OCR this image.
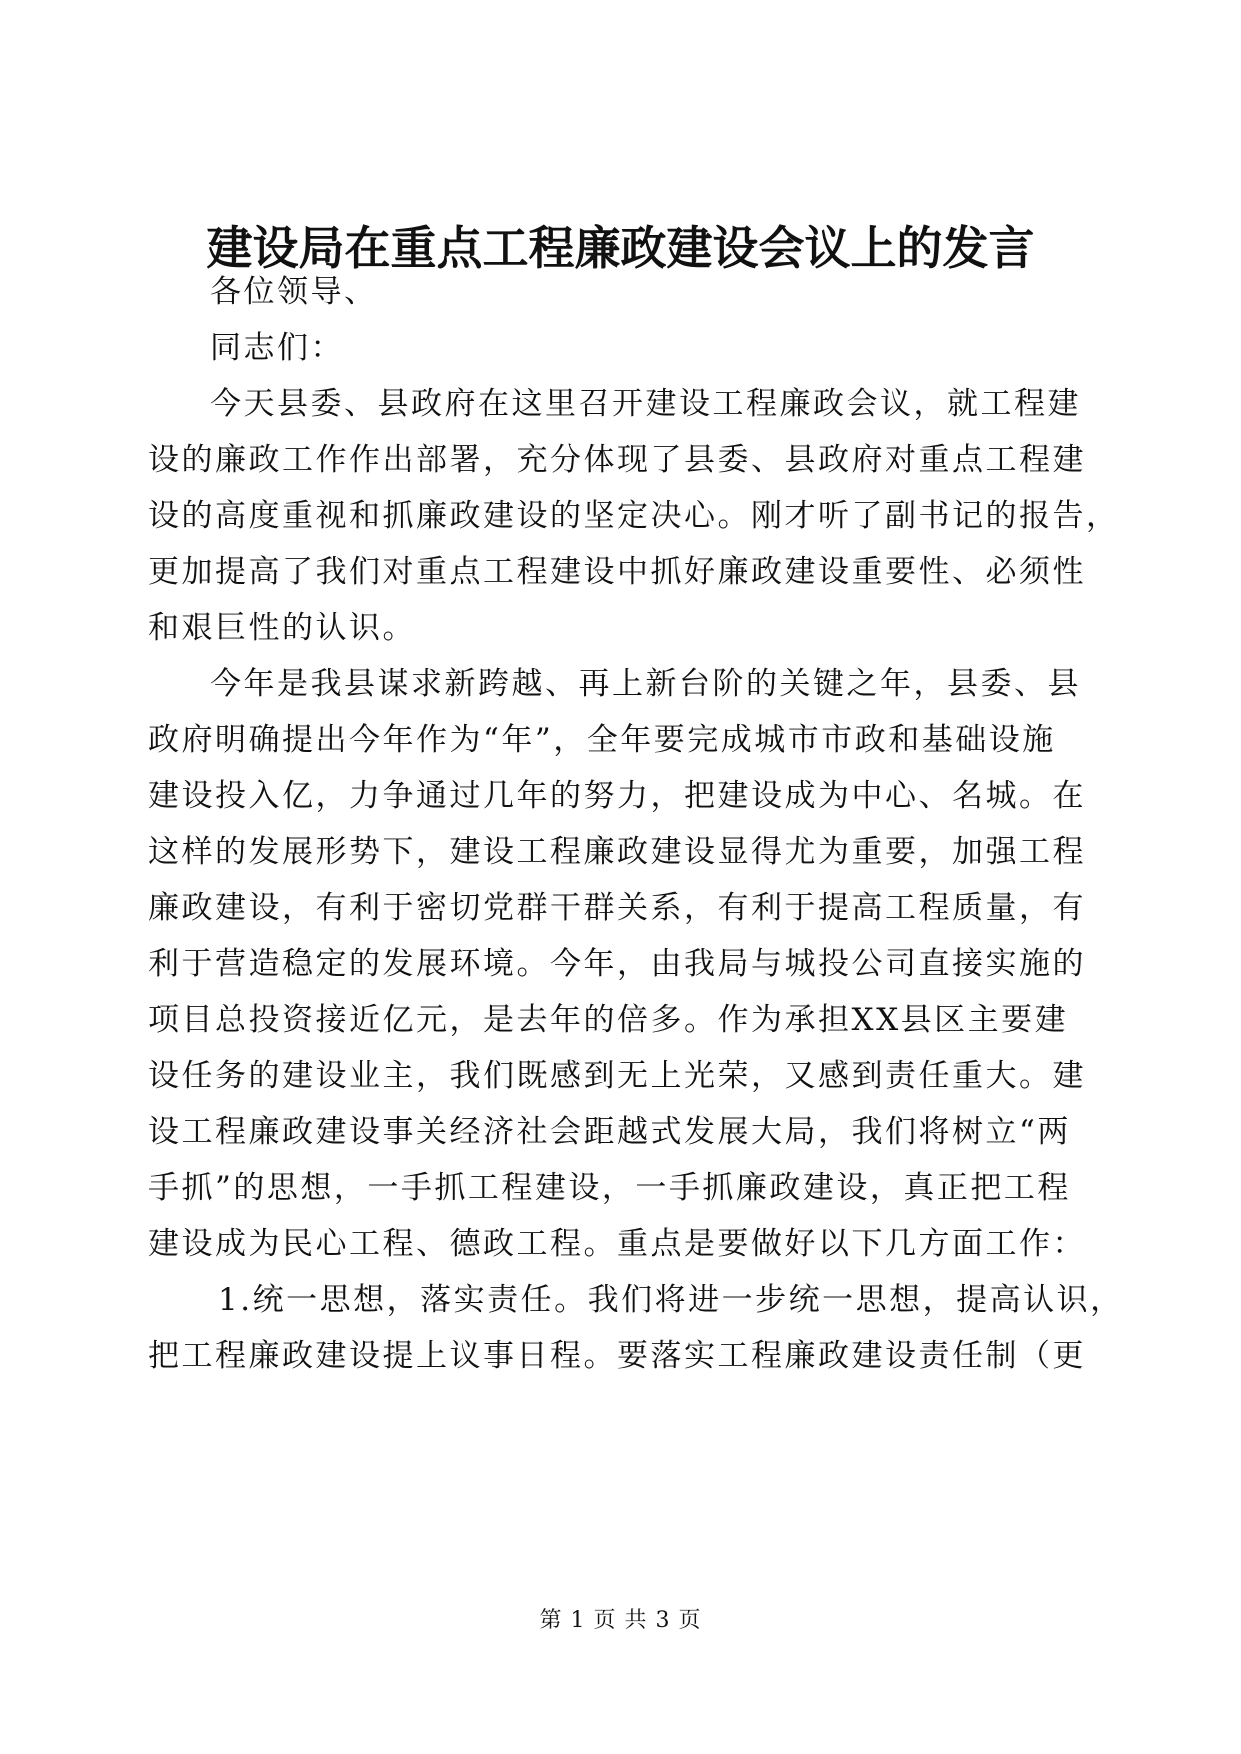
建设局在重点工程廉政建设会议上的发言
各位领导、
同志们：
今天县委、县政府在这里召开建设工程廉政会议，就工程建
设的廉政工作作出部署，充分体现了县委、县政府对重点工程建
设的高度重视和抓廉政建设的坚定决心。刚才听了副书记的报告，
更加提高了我们对重点工程建设中抓好廉政建设重要性、必须性
和艰巨性的认识。
今年是我县谋求新跨越、再上新台阶的关键之年，县委、县
政府明确提出今年作为“年”，全年要完成城市市政和基础设施
建设投入亿，力争通过几年的努力，把建设成为中心、名城。在
这样的发展形势下，建设工程廉政建设显得尤为重要，加强工程
廉政建设，有利于密切党群干群关系，有利于提高工程质量，有
利于营造稳定的发展环境。今年，由我局与城投公司直接实施的
项目总投资接近亿元，是去年的倍多。作为承担XX县区主要建
设任务的建设业主，我们既感到无上光荣，又感到责任重大。建
设工程廉政建设事关经济社会距越式发展大局，我们将树立“两
手抓”的思想，一手抓工程建设，一手抓廉政建设，真正把工程
建设成为民心工程、德政工程。重点是要做好以下几方面工作：
1.统一思想，落实责任。我们将进一步统一思想，提高认识，
把工程廉政建设提上议事日程。要落实工程廉政建设责任制（更
第 1 页 共 3 页
